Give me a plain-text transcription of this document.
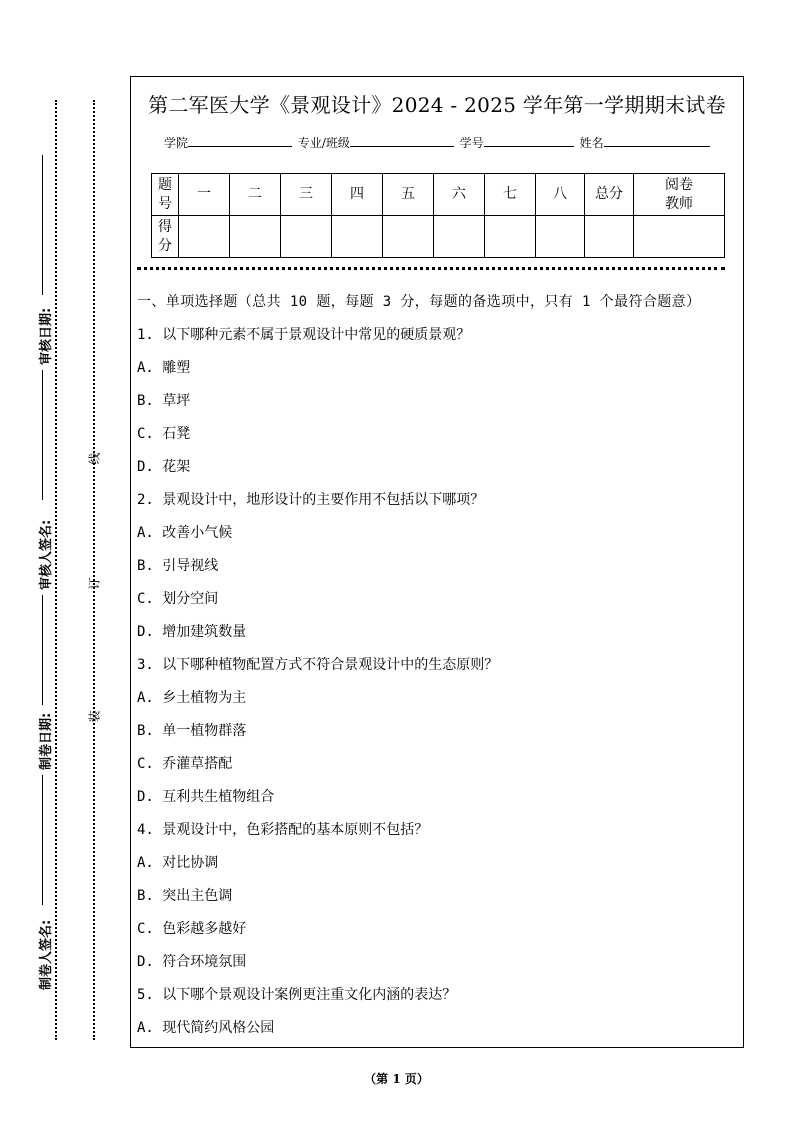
审核日期:
审核人签名:
制卷日期:
制卷人签名:
线
订
装
第二军医大学《景观设计》2024 - 2025 学年第一学期期末试卷
学院	专业/班级	学号	姓名
题号	一	二	三	四	五	六	七	八	总分	阅卷教师

得分										
一、单项选择题（总共 10 题，每题 3 分，每题的备选项中，只有 1 个最符合题意）
1. 以下哪种元素不属于景观设计中常见的硬质景观？
A. 雕塑
B. 草坪
C. 石凳
D. 花架
2. 景观设计中，地形设计的主要作用不包括以下哪项？
A. 改善小气候
B. 引导视线
C. 划分空间
D. 增加建筑数量
3. 以下哪种植物配置方式不符合景观设计中的生态原则？
A. 乡土植物为主
B. 单一植物群落
C. 乔灌草搭配
D. 互利共生植物组合
4. 景观设计中，色彩搭配的基本原则不包括？
A. 对比协调
B. 突出主色调
C. 色彩越多越好
D. 符合环境氛围
5. 以下哪个景观设计案例更注重文化内涵的表达？
A. 现代简约风格公园
（第 1 页）
